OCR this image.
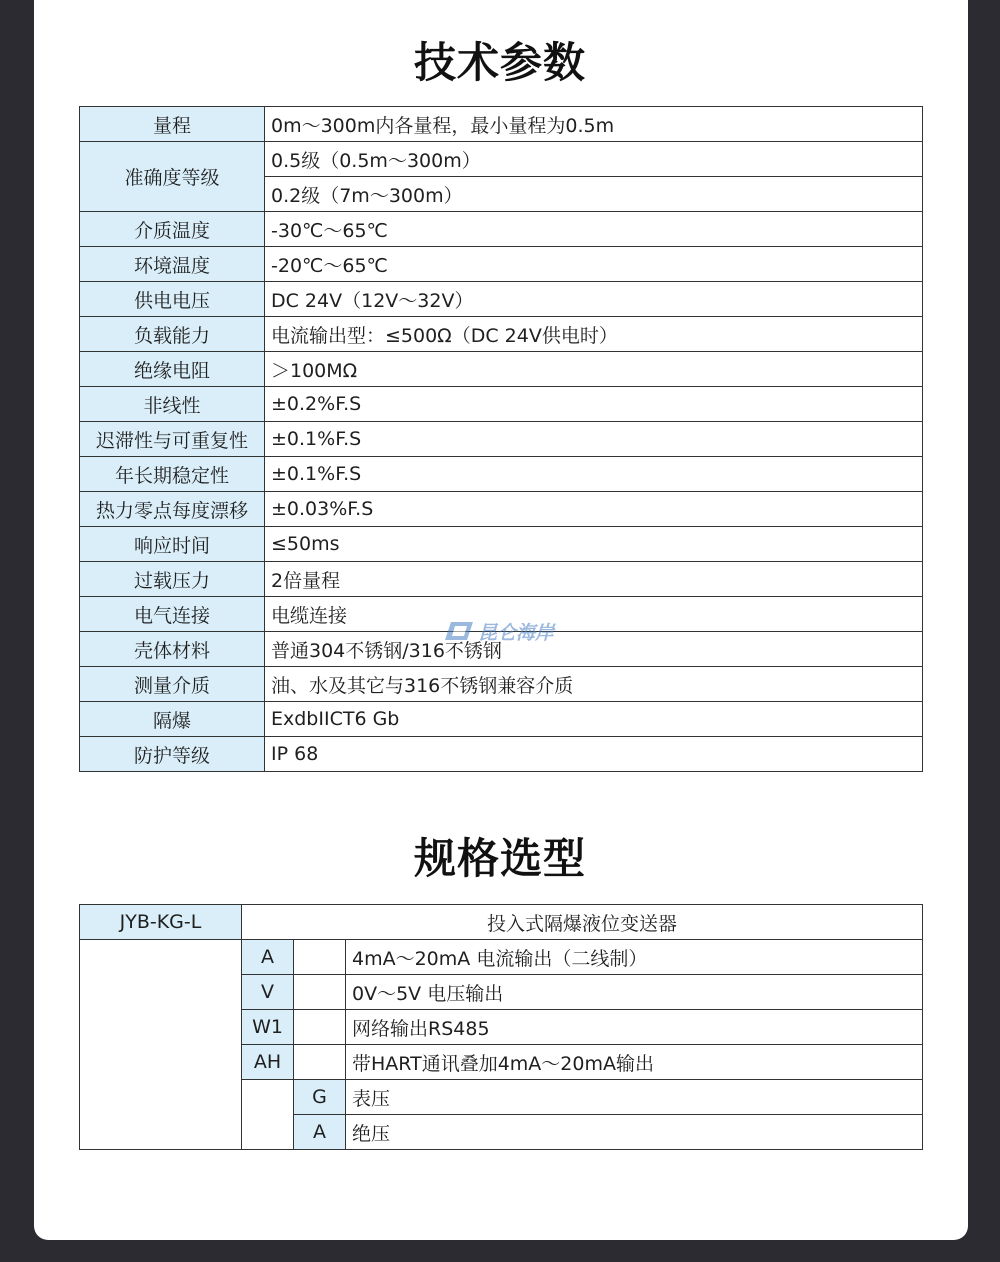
技术参数
量程	0m～300m内各量程，最小量程为0.5m
准确度等级	0.5级（0.5m～300m）
	0.2级（7m～300m）
介质温度	-30℃～65℃
环境温度	-20℃～65℃
供电电压	DC 24V（12V～32V）
负载能力	电流输出型：≤500Ω（DC 24V供电时）
绝缘电阻	＞100MΩ
非线性	±0.2%F.S
迟滞性与可重复性	±0.1%F.S
年长期稳定性	±0.1%F.S
热力零点每度漂移	±0.03%F.S
响应时间	≤50ms
过载压力	2倍量程
电气连接	电缆连接
壳体材料	普通304不锈钢/316不锈钢
测量介质	油、水及其它与316不锈钢兼容介质
隔爆	ExdbIICT6 Gb
防护等级	IP 68
昆仑海岸
规格选型
JYB-KG-L	投入式隔爆液位变送器		
	A		4mA～20mA 电流输出（二线制）
	V		0V～5V 电压输出
	W1		网络输出RS485
	AH		带HART通讯叠加4mA～20mA输出
		G	表压
		A	绝压
